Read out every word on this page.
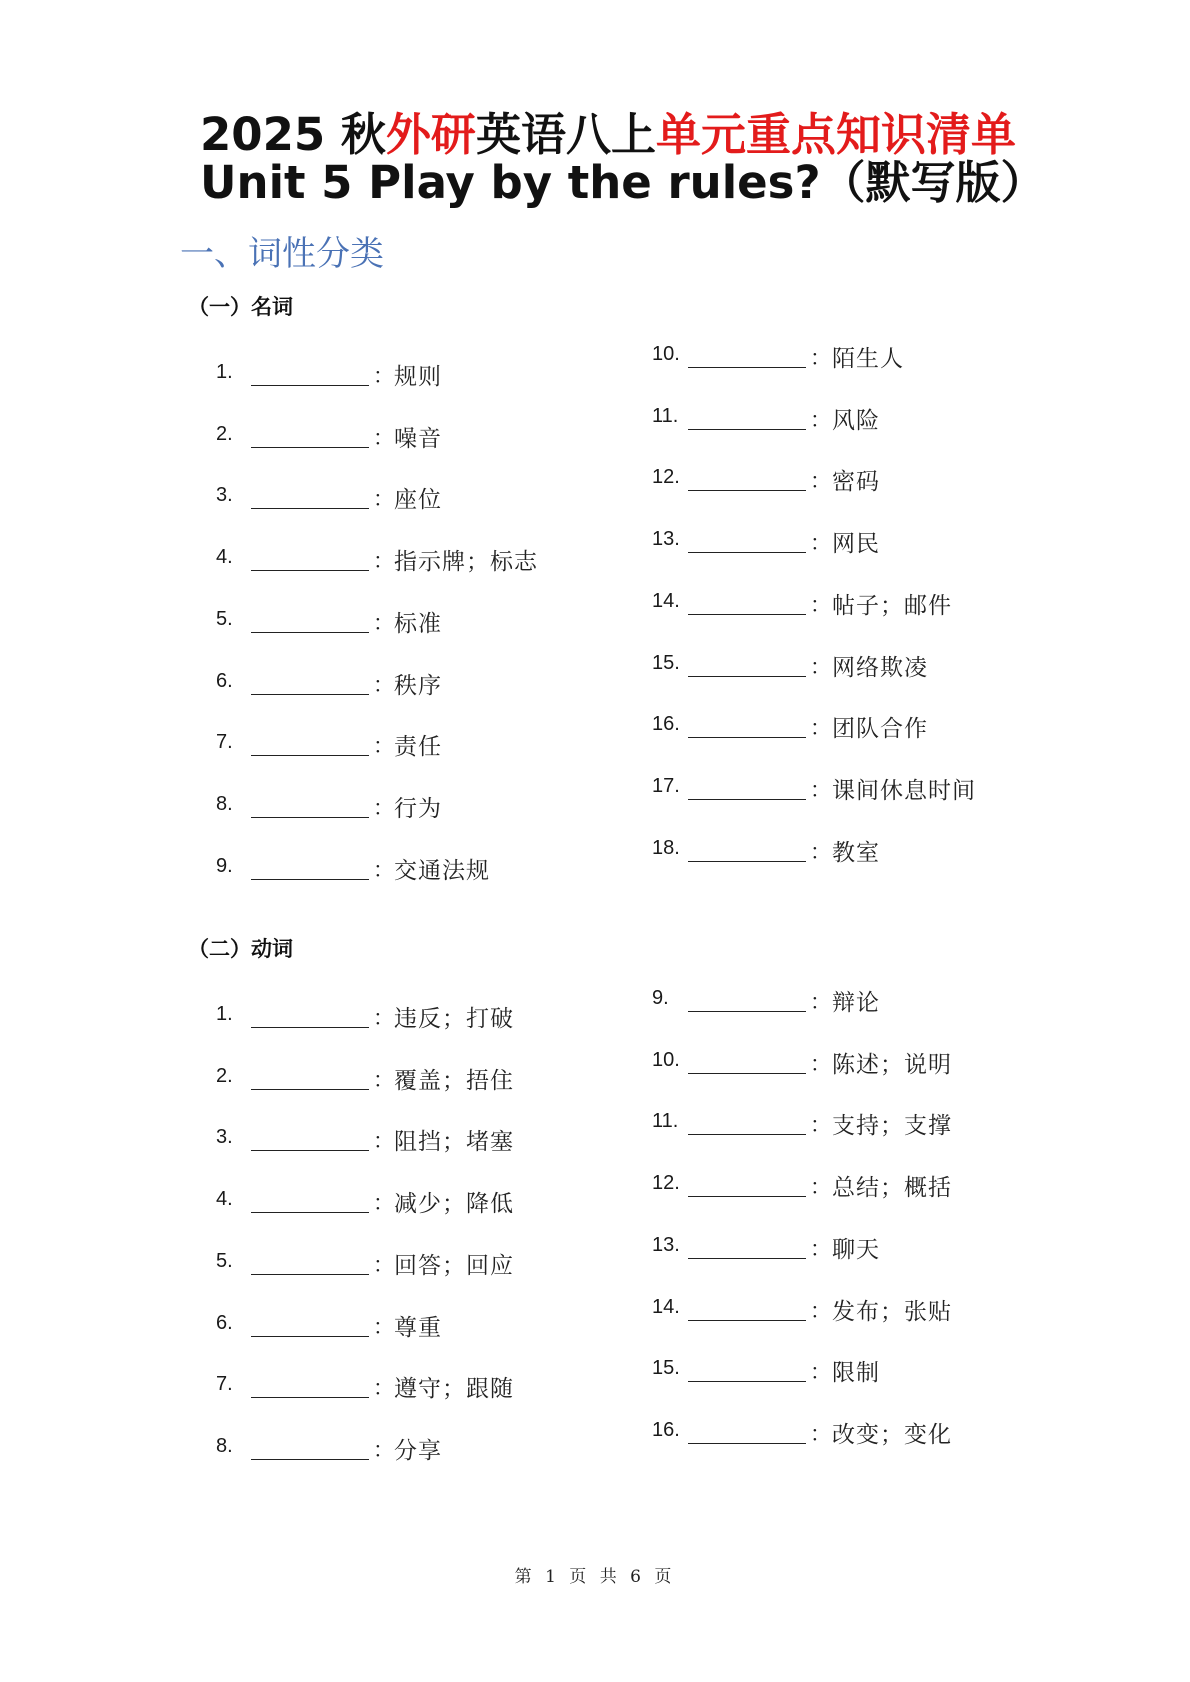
2025 秋外研英语八上单元重点知识清单
Unit 5 Play by the rules?（默写版）
一、词性分类
（一）名词
1.	： 规则
2.	： 噪音
3.	： 座位
4.	： 指示牌；标志
5.	： 标准
6.	： 秩序
7.	： 责任
8.	： 行为
9.	： 交通法规
10.	： 陌生人
11.	： 风险
12.	： 密码
13.	： 网民
14.	： 帖子；邮件
15.	： 网络欺凌
16.	： 团队合作
17.	： 课间休息时间
18.	： 教室
（二）动词
1.	： 违反；打破
2.	： 覆盖；捂住
3.	： 阻挡；堵塞
4.	： 减少；降低
5.	： 回答；回应
6.	： 尊重
7.	： 遵守；跟随
8.	： 分享
9.	： 辩论
10.	： 陈述；说明
11.	： 支持；支撑
12.	： 总结；概括
13.	： 聊天
14.	： 发布；张贴
15.	： 限制
16.	： 改变；变化
第 1 页 共 6 页
